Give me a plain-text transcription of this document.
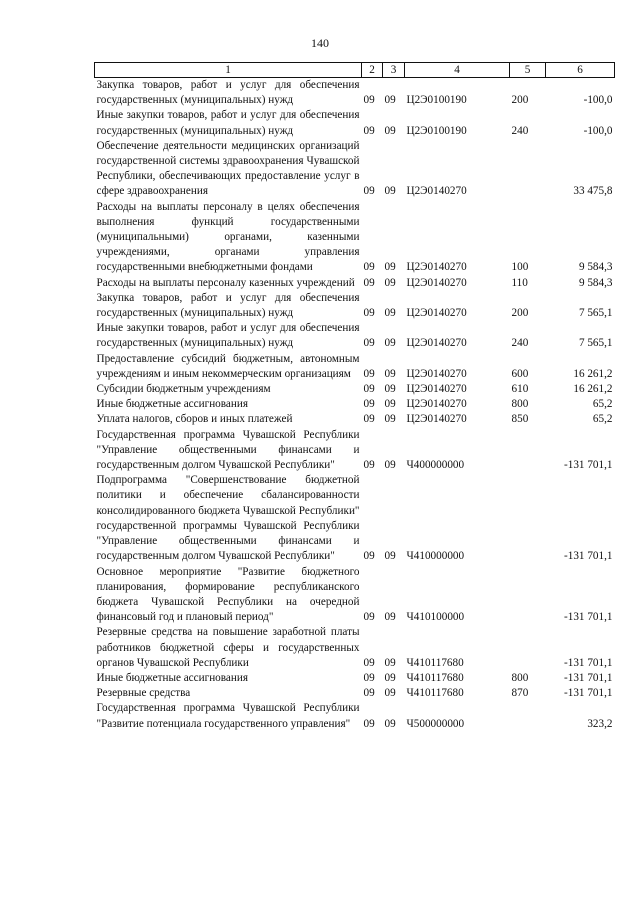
140
1	2	3	4	5	6
Закупка товаров, работ и услуг для обеспечения государственных (муниципальных) нужд	09	09	Ц2Э0100190	200	-100,0
Иные закупки товаров, работ и услуг для обеспечения государственных (муниципальных) нужд	09	09	Ц2Э0100190	240	-100,0
Обеспечение деятельности медицинских организаций государственной системы здравоохранения Чувашской Республики, обеспечивающих предоставление услуг в сфере здравоохранения	09	09	Ц2Э0140270		33 475,8
Расходы на выплаты персоналу в целях обеспечения выполнения функций государственными (муниципальными) органами, казенными учреждениями, органами управления государственными внебюджетными фондами	09	09	Ц2Э0140270	100	9 584,3
Расходы на выплаты персоналу казенных учреждений	09	09	Ц2Э0140270	110	9 584,3
Закупка товаров, работ и услуг для обеспечения государственных (муниципальных) нужд	09	09	Ц2Э0140270	200	7 565,1
Иные закупки товаров, работ и услуг для обеспечения государственных (муниципальных) нужд	09	09	Ц2Э0140270	240	7 565,1
Предоставление субсидий бюджетным, автономным учреждениям и иным некоммерческим организациям	09	09	Ц2Э0140270	600	16 261,2
Субсидии бюджетным учреждениям	09	09	Ц2Э0140270	610	16 261,2
Иные бюджетные ассигнования	09	09	Ц2Э0140270	800	65,2
Уплата налогов, сборов и иных платежей	09	09	Ц2Э0140270	850	65,2
Государственная программа Чувашской Республики "Управление общественными финансами и государственным долгом Чувашской Республики"	09	09	Ч400000000		-131 701,1
Подпрограмма "Совершенствование бюджетной политики и обеспечение сбалансированности консолидированного бюджета Чувашской Республики" государственной программы Чувашской Республики "Управление общественными финансами и государственным долгом Чувашской Республики"	09	09	Ч410000000		-131 701,1
Основное мероприятие "Развитие бюджетного планирования, формирование республиканского бюджета Чувашской Республики на очередной финансовый год и плановый период"	09	09	Ч410100000		-131 701,1
Резервные средства на повышение заработной платы работников бюджетной сферы и государственных органов Чувашской Республики	09	09	Ч410117680		-131 701,1
Иные бюджетные ассигнования	09	09	Ч410117680	800	-131 701,1
Резервные средства	09	09	Ч410117680	870	-131 701,1
Государственная программа Чувашской Республики "Развитие потенциала государственного управления"	09	09	Ч500000000		323,2
